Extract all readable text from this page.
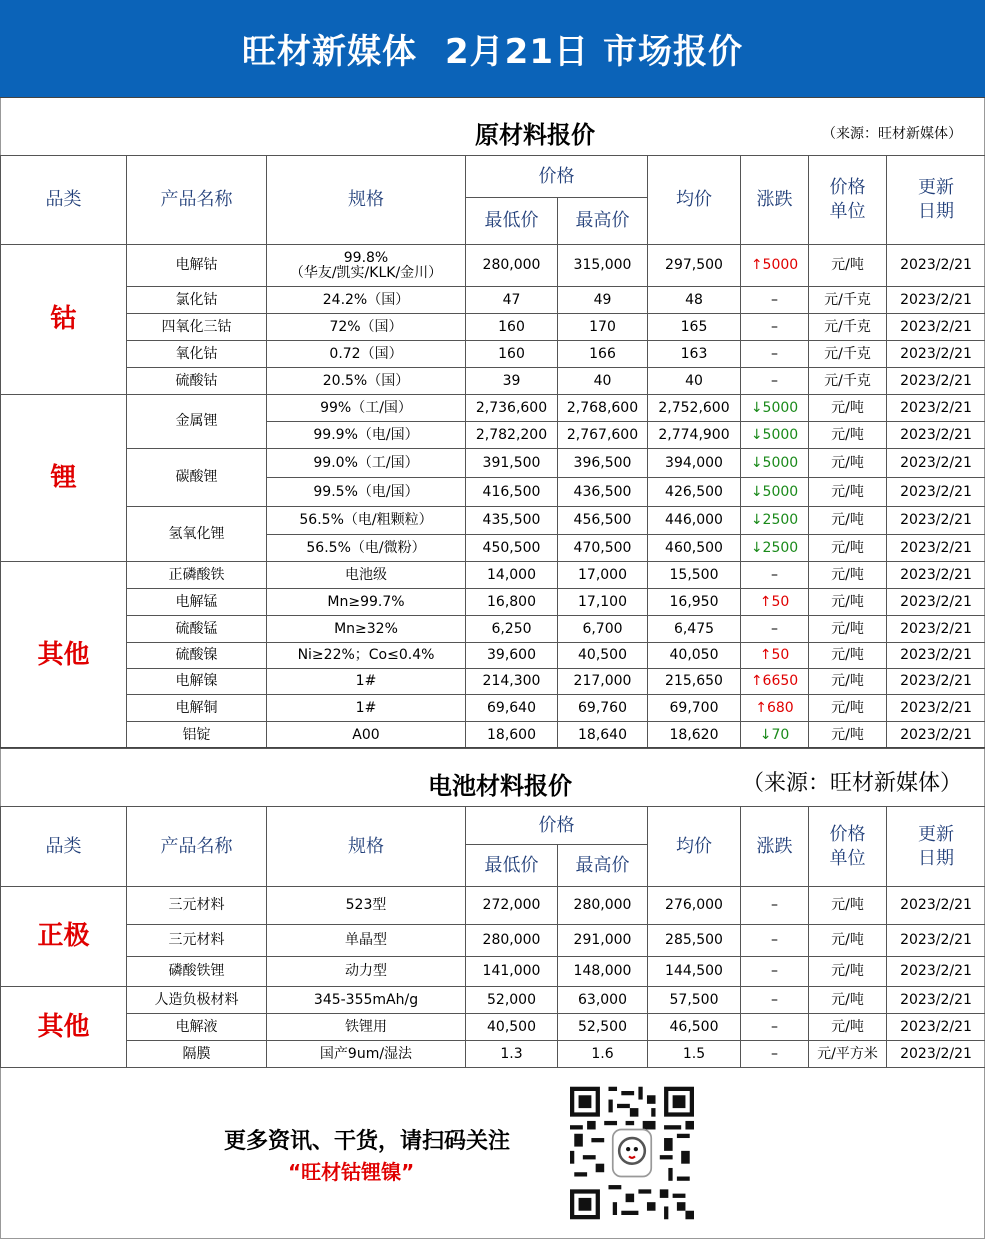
旺材新媒体 2月21日 市场报价
原材料报价	（来源：旺材新媒体）
品类	产品名称	规格	价格		均价	涨跌	价格
单位	更新
日期
			最低价	最高价				
钴	电解钴	99.8%
（华友/凯实/KLK/金川）	280,000	315,000	297,500	↑5000	元/吨	2023/2/21
	氯化钴	24.2%（国）	47	49	48	–	元/千克	2023/2/21
	四氧化三钴	72%（国）	160	170	165	–	元/千克	2023/2/21
	氧化钴	0.72（国）	160	166	163	–	元/千克	2023/2/21
	硫酸钴	20.5%（国）	39	40	40	–	元/千克	2023/2/21
锂	金属锂	99%（工/国）	2,736,600	2,768,600	2,752,600	↓5000	元/吨	2023/2/21
		99.9%（电/国）	2,782,200	2,767,600	2,774,900	↓5000	元/吨	2023/2/21
	碳酸锂	99.0%（工/国）	391,500	396,500	394,000	↓5000	元/吨	2023/2/21
		99.5%（电/国）	416,500	436,500	426,500	↓5000	元/吨	2023/2/21
	氢氧化锂	56.5%（电/粗颗粒）	435,500	456,500	446,000	↓2500	元/吨	2023/2/21
		56.5%（电/微粉）	450,500	470,500	460,500	↓2500	元/吨	2023/2/21
其他	正磷酸铁	电池级	14,000	17,000	15,500	–	元/吨	2023/2/21
	电解锰	Mn≥99.7%	16,800	17,100	16,950	↑50	元/吨	2023/2/21
	硫酸锰	Mn≥32%	6,250	6,700	6,475	–	元/吨	2023/2/21
	硫酸镍	Ni≥22%；Co≤0.4%	39,600	40,500	40,050	↑50	元/吨	2023/2/21
	电解镍	1#	214,300	217,000	215,650	↑6650	元/吨	2023/2/21
	电解铜	1#	69,640	69,760	69,700	↑680	元/吨	2023/2/21
	铝锭	A00	18,600	18,640	18,620	↓70	元/吨	2023/2/21
电池材料报价	（来源：旺材新媒体）
品类	产品名称	规格	价格		均价	涨跌	价格
单位	更新
日期
			最低价	最高价				
正极	三元材料	523型	272,000	280,000	276,000	–	元/吨	2023/2/21
	三元材料	单晶型	280,000	291,000	285,500	–	元/吨	2023/2/21
	磷酸铁锂	动力型	141,000	148,000	144,500	–	元/吨	2023/2/21
其他	人造负极材料	345-355mAh/g	52,000	63,000	57,500	–	元/吨	2023/2/21
	电解液	铁锂用	40,500	52,500	46,500	–	元/吨	2023/2/21
	隔膜	国产9um/湿法	1.3	1.6	1.5	–	元/平方米	2023/2/21
更多资讯、干货，请扫码关注
“旺材钴锂镍”
